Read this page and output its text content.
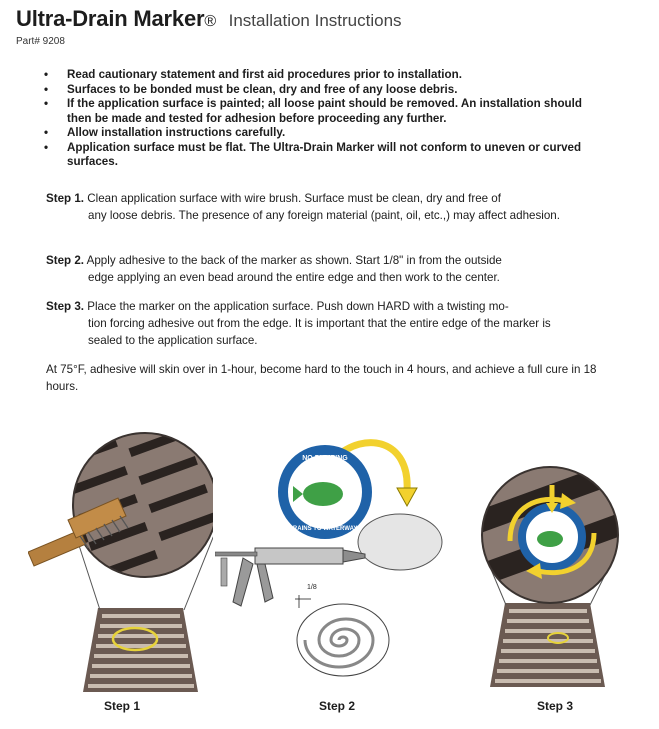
Ultra-Drain Marker® Installation Instructions
Part# 9208
• Read cautionary statement and first aid procedures prior to installation.
• Surfaces to be bonded must be clean, dry and free of any loose debris.
• If the application surface is painted; all loose paint should be removed. An installation should then be made and tested for adhesion before proceeding any further.
• Allow installation instructions carefully.
• Application surface must be flat. The Ultra-Drain Marker will not conform to uneven or curved surfaces.
Step 1. Clean application surface with wire brush. Surface must be clean, dry and free of
any loose debris. The presence of any foreign material (paint, oil, etc.,) may affect adhesion.
Step 2. Apply adhesive to the back of the marker as shown. Start 1/8" in from the outside
edge applying an even bead around the entire edge and then work to the center.
Step 3. Place the marker on the application surface. Push down HARD with a twisting mo-
tion forcing adhesive out from the edge. It is important that the entire edge of the marker is sealed to the application surface.
At 75°F, adhesive will skin over in 1-hour, become hard to the touch in 4 hours, and achieve a full cure in 18 hours.
NO DUMPING
DRAINS TO WATERWAYS
1/8
Step 1	Step 2	Step 3
